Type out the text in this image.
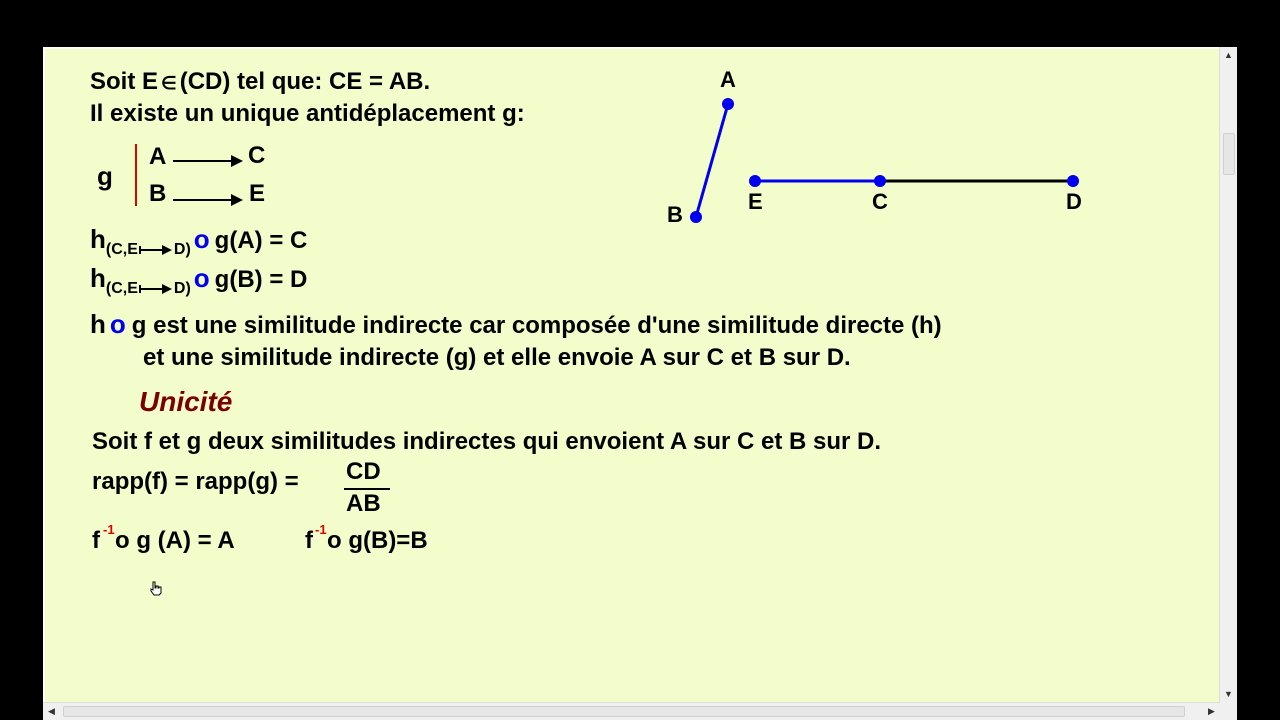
Soit E ∈ (CD) tel que: CE = AB.
Il existe un unique antidéplacement g:
g
A	C
B	E
h(C,E D) o g(A) = C
h(C,E D) o g(B) = D
h o g est une similitude indirecte car composée d'une similitude directe (h)
et une similitude indirecte (g) et elle envoie A sur C et B sur D.
Unicité
Soit f et g deux similitudes indirectes qui envoient A sur C et B sur D.
rapp(f) = rapp(g) = CD
AB
f -1 o g (A) = A	f -1 o g(B)=B
A
B
E	C	D
▲
▼
◀	▶
